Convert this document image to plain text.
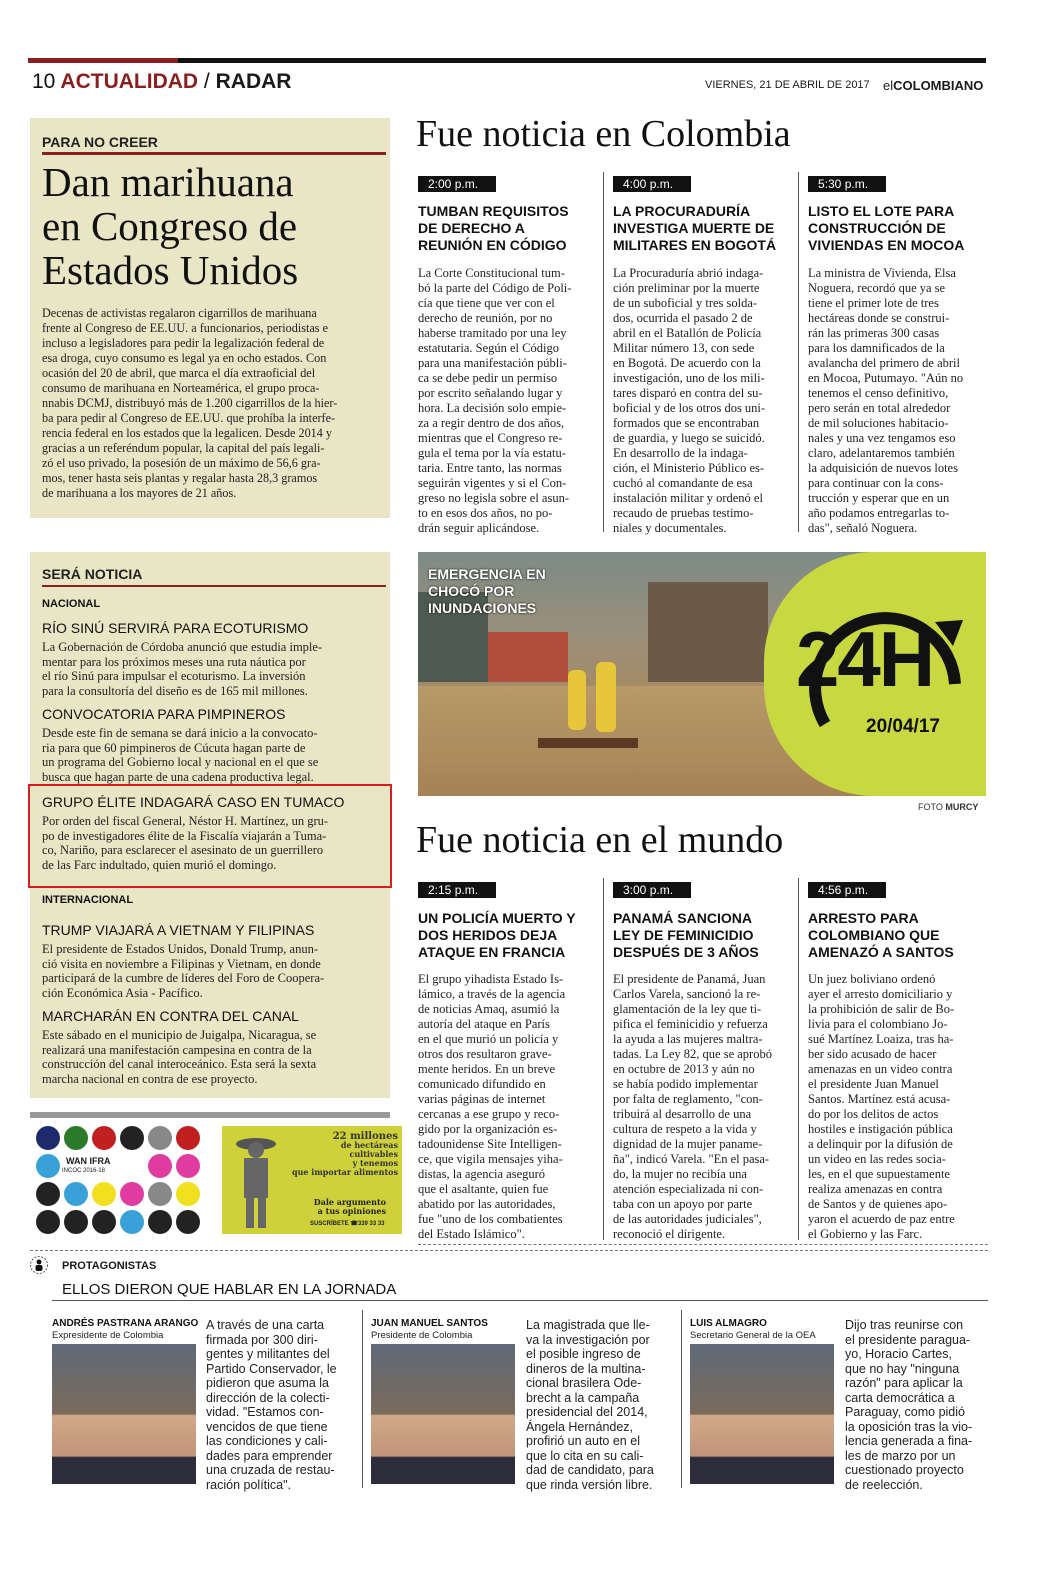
10 ACTUALIDAD / RADAR	VIERNES, 21 DE ABRIL DE 2017 elCOLOMBIANO
PARA NO CREER
Dan marihuana
en Congreso de
Estados Unidos
Decenas de activistas regalaron cigarrillos de marihuana
frente al Congreso de EE.UU. a funcionarios, periodistas e
incluso a legisladores para pedir la legalización federal de
esa droga, cuyo consumo es legal ya en ocho estados. Con
ocasión del 20 de abril, que marca el día extraoficial del
consumo de marihuana en Norteamérica, el grupo procа-
nnabis DCMJ, distribuyó más de 1.200 cigarrillos de la hier-
ba para pedir al Congreso de EE.UU. que prohíba la interfe-
rencia federal en los estados que la legalicen. Desde 2014 y
gracias a un referéndum popular, la capital del país legali-
zó el uso privado, la posesión de un máximo de 56,6 gra-
mos, tener hasta seis plantas y regalar hasta 28,3 gramos
de marihuana a los mayores de 21 años.
Fue noticia en Colombia
2:00 p.m.
TUMBAN REQUISITOS
DE DERECHO A
REUNIÓN EN CÓDIGO
La Corte Constitucional tum-
bó la parte del Código de Poli-
cía que tiene que ver con el
derecho de reunión, por no
haberse tramitado por una ley
estatutaria. Según el Código
para una manifestación públi-
ca se debe pedir un permiso
por escrito señalando lugar y
hora. La decisión solo empie-
za a regir dentro de dos años,
mientras que el Congreso re-
gula el tema por la vía estatu-
taria. Entre tanto, las normas
seguirán vigentes y si el Con-
greso no legisla sobre el asun-
to en esos dos años, no po-
drán seguir aplicándose.
4:00 p.m.
LA PROCURADURÍA
INVESTIGA MUERTE DE
MILITARES EN BOGOTÁ
La Procuraduría abrió indaga-
ción preliminar por la muerte
de un suboficial y tres solda-
dos, ocurrida el pasado 2 de
abril en el Batallón de Policía
Militar número 13, con sede
en Bogotá. De acuerdo con la
investigación, uno de los mili-
tares disparó en contra del su-
boficial y de los otros dos uni-
formados que se encontraban
de guardia, y luego se suicidó.
En desarrollo de la indaga-
ción, el Ministerio Público es-
cuchó al comandante de esa
instalación militar y ordenó el
recaudo de pruebas testimo-
niales y documentales.
5:30 p.m.
LISTO EL LOTE PARA
CONSTRUCCIÓN DE
VIVIENDAS EN MOCOA
La ministra de Vivienda, Elsa
Noguera, recordó que ya se
tiene el primer lote de tres
hectáreas donde se construi-
rán las primeras 300 casas
para los damnificados de la
avalancha del primero de abril
en Mocoa, Putumayo. "Aún no
tenemos el censo definitivo,
pero serán en total alrededor
de mil soluciones habitacio-
nales y una vez tengamos eso
claro, adelantaremos también
la adquisición de nuevos lotes
para continuar con la cons-
trucción y esperar que en un
año podamos entregarlas to-
das", señaló Noguera.
SERÁ NOTICIA
NACIONAL
RÍO SINÚ SERVIRÁ PARA ECOTURISMO
La Gobernación de Córdoba anunció que estudia imple-
mentar para los próximos meses una ruta náutica por
el río Sinú para impulsar el ecoturismo. La inversión
para la consultoría del diseño es de 165 mil millones.
CONVOCATORIA PARA PIMPINEROS
Desde este fin de semana se dará inicio a la convocato-
ria para que 60 pimpineros de Cúcuta hagan parte de
un programa del Gobierno local y nacional en el que se
busca que hagan parte de una cadena productiva legal.
GRUPO ÉLITE INDAGARÁ CASO EN TUMACO
Por orden del fiscal General, Néstor H. Martínez, un gru-
po de investigadores élite de la Fiscalía viajarán a Tuma-
co, Nariño, para esclarecer el asesinato de un guerrillero
de las Farc indultado, quien murió el domingo.
INTERNACIONAL
TRUMP VIAJARÁ A VIETNAM Y FILIPINAS
El presidente de Estados Unidos, Donald Trump, anun-
ció visita en noviembre a Filipinas y Vietnam, en donde
participará de la cumbre de líderes del Foro de Coopera-
ción Económica Asia - Pacífico.
MARCHARÁN EN CONTRA DEL CANAL
Este sábado en el municipio de Juigalpa, Nicaragua, se
realizará una manifestación campesina en contra de la
construcción del canal interoceánico. Esta será la sexta
marcha nacional en contra de ese proyecto.
EMERGENCIA EN
CHOCÓ POR
INUNDACIONES
24H
20/04/17
FOTO MURCY
Fue noticia en el mundo
2:15 p.m.
UN POLICÍA MUERTO Y
DOS HERIDOS DEJA
ATAQUE EN FRANCIA
El grupo yihadista Estado Is-
lámico, a través de la agencia
de noticias Amaq, asumió la
autoría del ataque en París
en el que murió un policía y
otros dos resultaron grave-
mente heridos. En un breve
comunicado difundido en
varias páginas de internet
cercanas a ese grupo y reco-
gido por la organización es-
tadounidense Site Intelligen-
ce, que vigila mensajes yiha-
distas, la agencia aseguró
que el asaltante, quien fue
abatido por las autoridades,
fue "uno de los combatientes
del Estado Islámico".
3:00 p.m.
PANAMÁ SANCIONA
LEY DE FEMINICIDIO
DESPUÉS DE 3 AÑOS
El presidente de Panamá, Juan
Carlos Varela, sancionó la re-
glamentación de la ley que ti-
pifica el feminicidio y refuerza
la ayuda a las mujeres maltra-
tadas. La Ley 82, que se aprobó
en octubre de 2013 y aún no
se había podido implementar
por falta de reglamento, "con-
tribuirá al desarrollo de una
cultura de respeto a la vida y
dignidad de la mujer paname-
ña", indicó Varela. "En el pasa-
do, la mujer no recibía una
atención especializada ni con-
taba con un apoyo por parte
de las autoridades judiciales",
reconoció el dirigente.
4:56 p.m.
ARRESTO PARA
COLOMBIANO QUE
AMENAZÓ A SANTOS
Un juez boliviano ordenó
ayer el arresto domiciliario y
la prohibición de salir de Bo-
livia para el colombiano Jo-
sué Martínez Loaiza, tras ha-
ber sido acusado de hacer
amenazas en un video contra
el presidente Juan Manuel
Santos. Martínez está acusa-
do por los delitos de actos
hostiles e instigación pública
a delinquir por la difusión de
un video en las redes socia-
les, en el que supuestamente
realiza amenazas en contra
de Santos y de quienes apo-
yaron el acuerdo de paz entre
el Gobierno y las Farc.
WAN IFRA
INCOC 2016-18
22 millones
de hectáreas cultivables
y tenemos
que importar alimentos
Dale argumento
a tus opiniones
SUSCRÍBETE ☎339 33 33
PROTAGONISTAS
ELLOS DIERON QUE HABLAR EN LA JORNADA
ANDRÉS PASTRANA ARANGO
Expresidente de Colombia
A través de una carta
firmada por 300 diri-
gentes y militantes del
Partido Conservador, le
pidieron que asuma la
dirección de la colecti-
vidad. "Estamos con-
vencidos de que tiene
las condiciones y cali-
dades para emprender
una cruzada de restau-
ración política".
JUAN MANUEL SANTOS
Presidente de Colombia
La magistrada que lle-
va la investigación por
el posible ingreso de
dineros de la multina-
cional brasilera Ode-
brecht a la campaña
presidencial del 2014,
Ángela Hernández,
profirió un auto en el
que lo cita en su cali-
dad de candidato, para
que rinda versión libre.
LUIS ALMAGRO
Secretario General de la OEA
Dijo tras reunirse con
el presidente paragua-
yo, Horacio Cartes,
que no hay "ninguna
razón" para aplicar la
carta democrática a
Paraguay, como pidió
la oposición tras la vio-
lencia generada a fina-
les de marzo por un
cuestionado proyecto
de reelección.
